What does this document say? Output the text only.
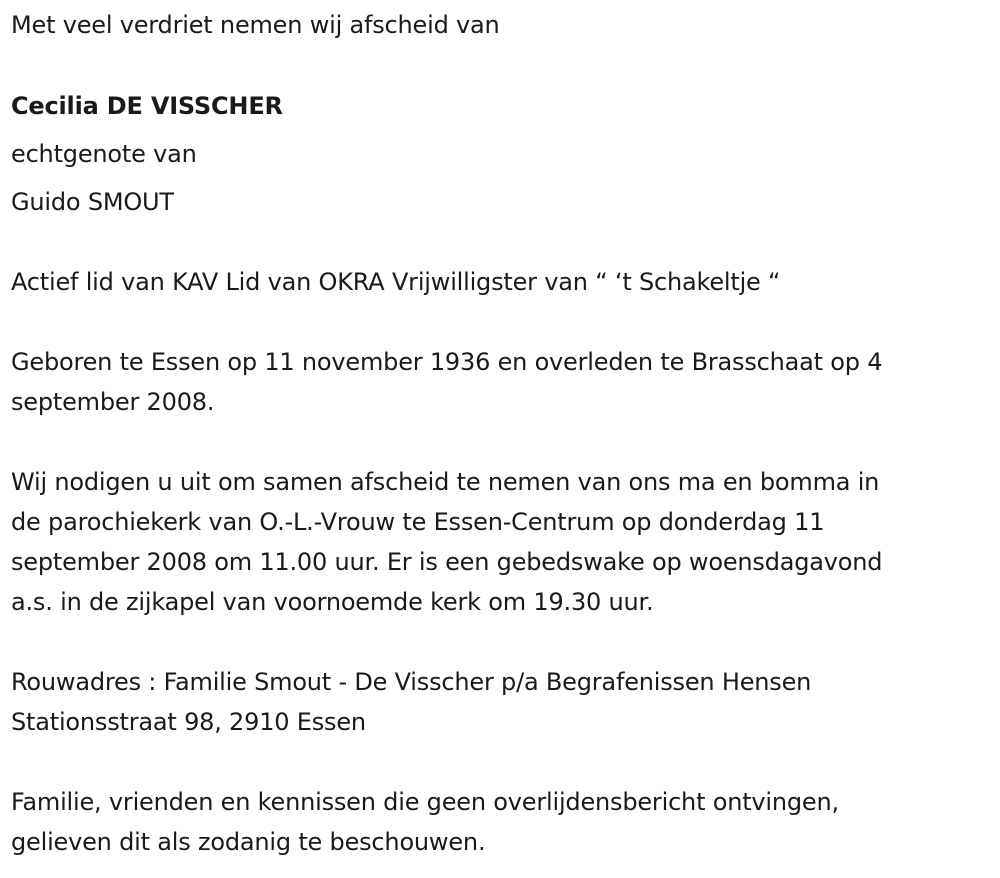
Met veel verdriet nemen wij afscheid van

Cecilia DE VISSCHER

echtgenote van

Guido SMOUT

Actief lid van KAV Lid van OKRA Vrijwilligster van “ ‘t Schakeltje “

Geboren te Essen op 11 november 1936 en overleden te Brasschaat op 4

september 2008.

Wij nodigen u uit om samen afscheid te nemen van ons ma en bomma in

de parochiekerk van O.-L.-Vrouw te Essen-Centrum op donderdag 11

september 2008 om 11.00 uur. Er is een gebedswake op woensdagavond

a.s. in de zijkapel van voornoemde kerk om 19.30 uur.

Rouwadres : Familie Smout - De Visscher p/a Begrafenissen Hensen

Stationsstraat 98, 2910 Essen

Familie, vrienden en kennissen die geen overlijdensbericht ontvingen,

gelieven dit als zodanig te beschouwen.
